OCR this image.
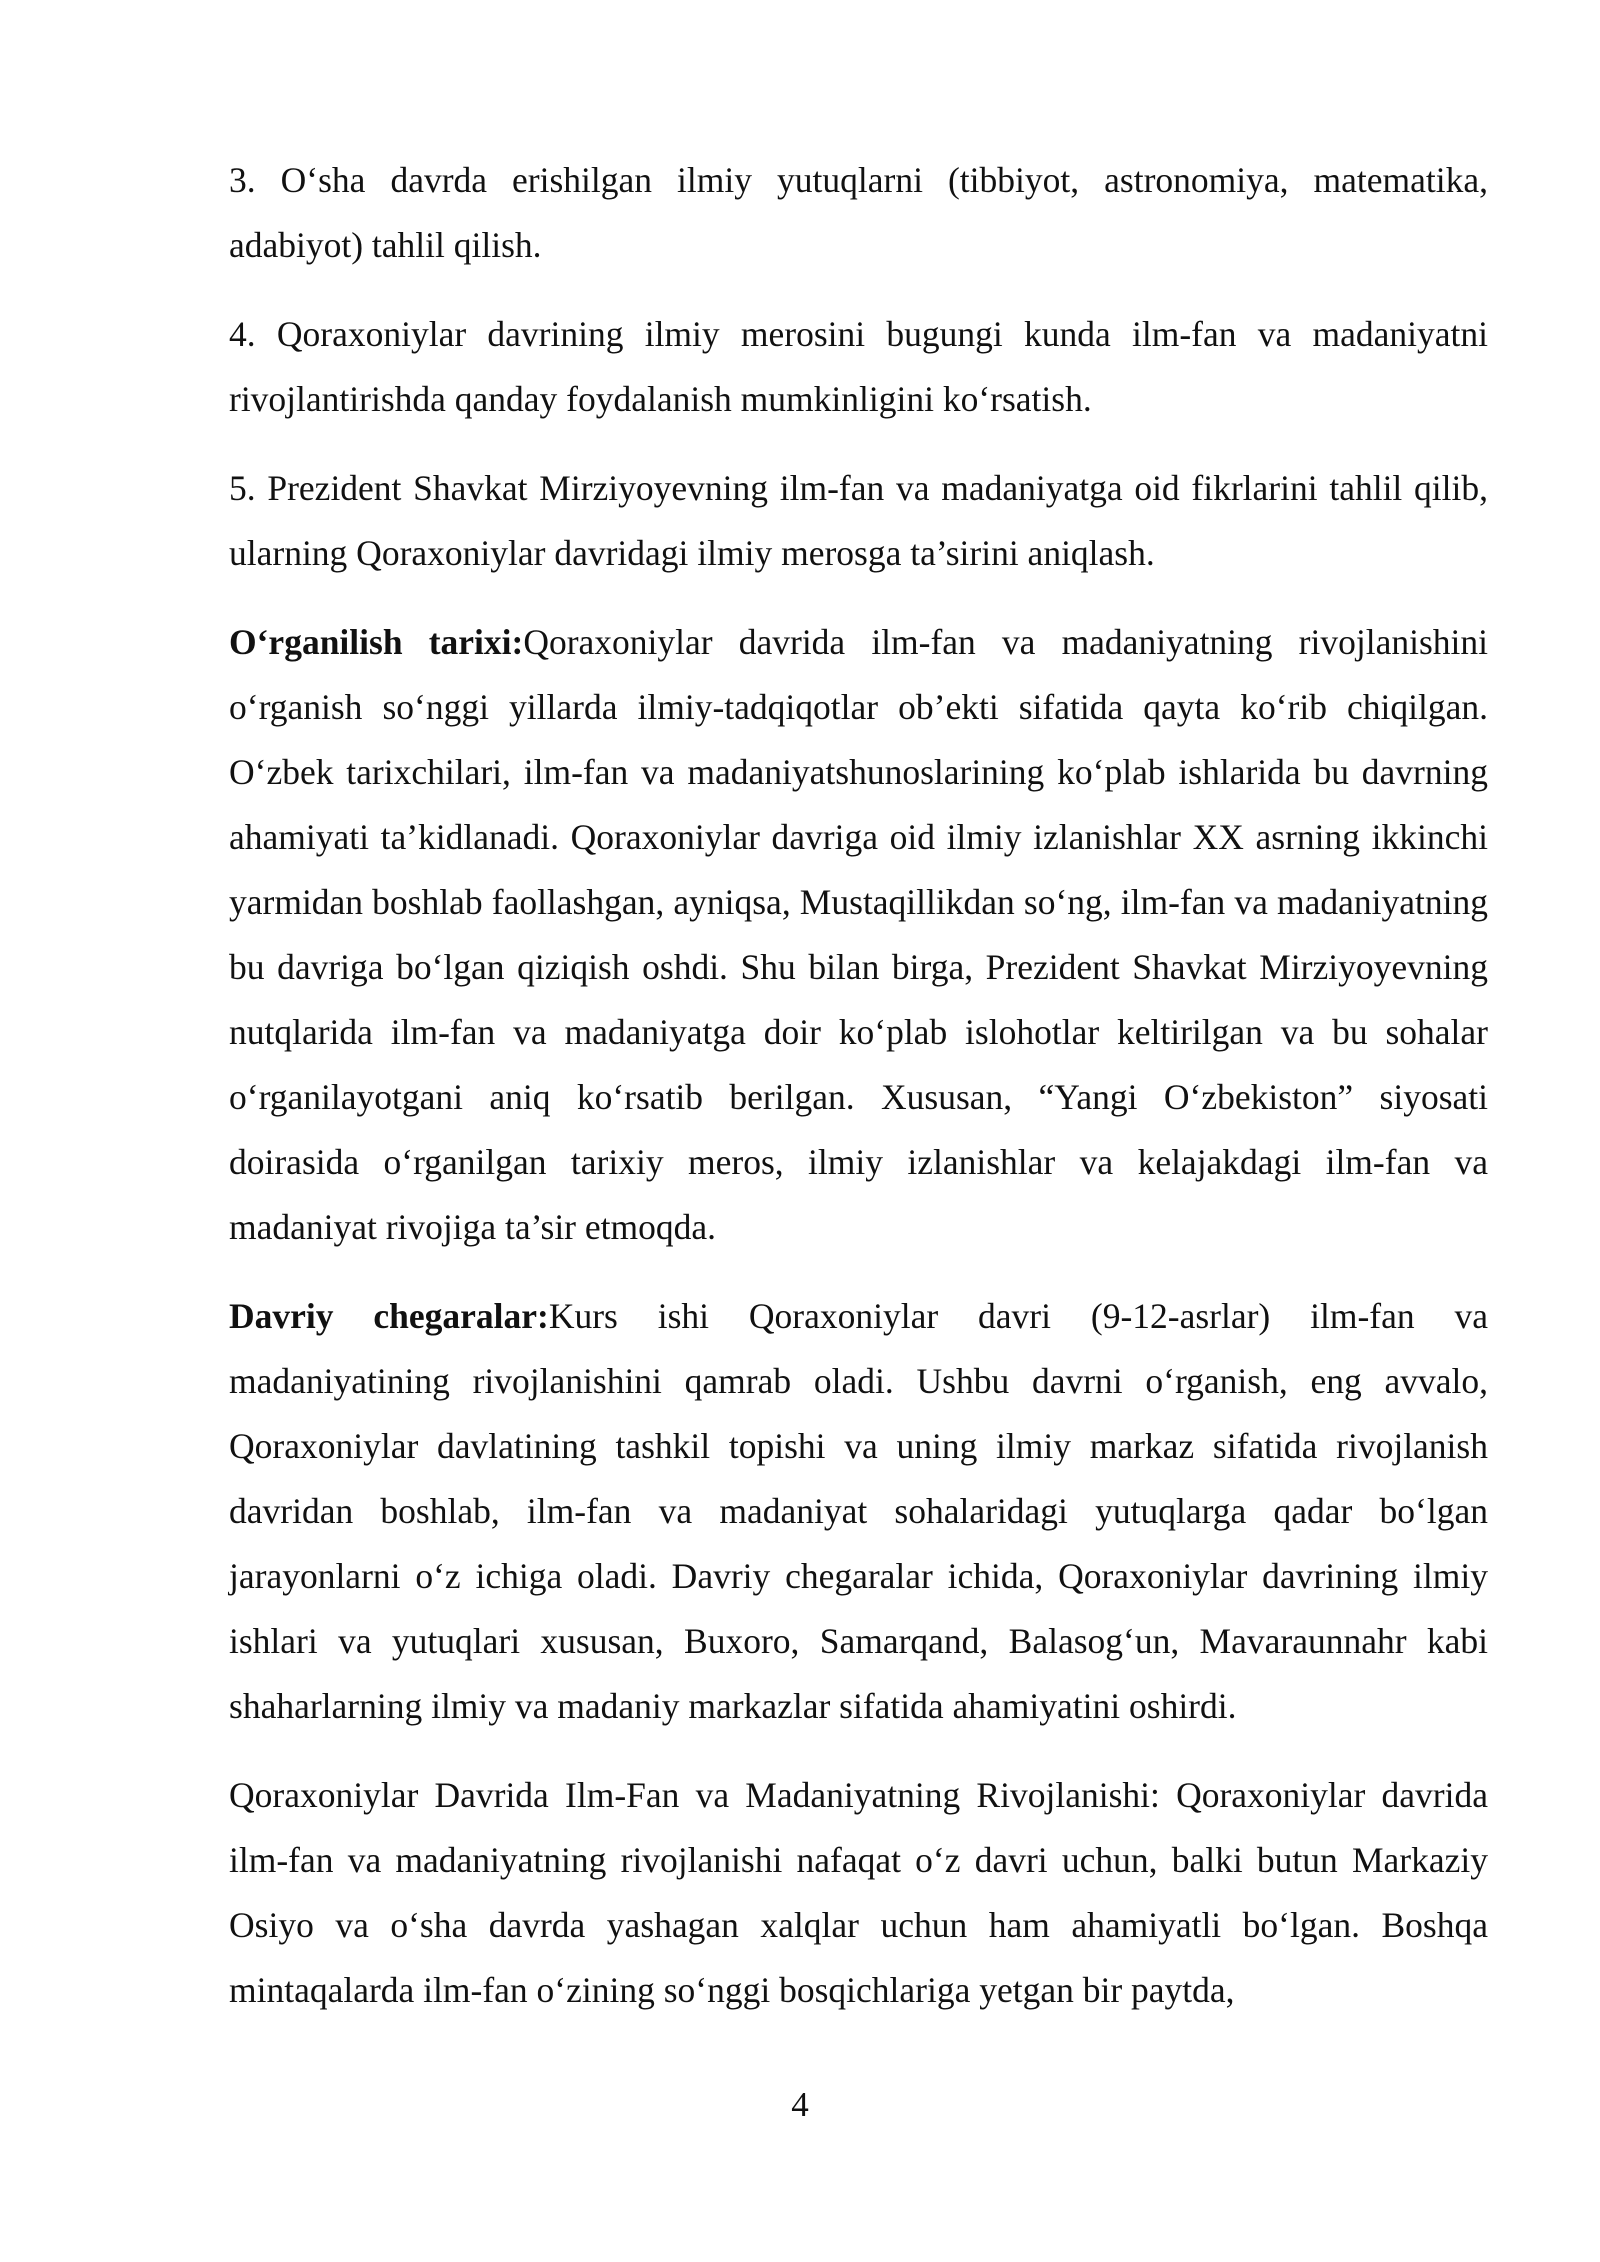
3. O‘sha davrda erishilgan ilmiy yutuqlarni (tibbiyot, astronomiya, matematika, adabiyot) tahlil qilish.

4. Qoraxoniylar davrining ilmiy merosini bugungi kunda ilm-fan va madaniyatni rivojlantirishda qanday foydalanish mumkinligini ko‘rsatish.

5. Prezident Shavkat Mirziyoyevning ilm-fan va madaniyatga oid fikrlarini tahlil qilib, ularning Qoraxoniylar davridagi ilmiy merosga ta’sirini aniqlash.

O‘rganilish tarixi:Qoraxoniylar davrida ilm-fan va madaniyatning rivojlanishini o‘rganish so‘nggi yillarda ilmiy-tadqiqotlar ob’ekti sifatida qayta ko‘rib chiqilgan. O‘zbek tarixchilari, ilm-fan va madaniyatshunoslarining ko‘plab ishlarida bu davrning ahamiyati ta’kidlanadi. Qoraxoniylar davriga oid ilmiy izlanishlar XX asrning ikkinchi yarmidan boshlab faollashgan, ayniqsa, Mustaqillikdan so‘ng, ilm-fan va madaniyatning bu davriga bo‘lgan qiziqish oshdi. Shu bilan birga, Prezident Shavkat Mirziyoyevning nutqlarida ilm-fan va madaniyatga doir ko‘plab islohotlar keltirilgan va bu sohalar o‘rganilayotgani aniq ko‘rsatib berilgan. Xususan, “Yangi O‘zbekiston” siyosati doirasida o‘rganilgan tarixiy meros, ilmiy izlanishlar va kelajakdagi ilm-fan va madaniyat rivojiga ta’sir etmoqda.

Davriy chegaralar:Kurs ishi Qoraxoniylar davri (9-12-asrlar) ilm-fan va madaniyatining rivojlanishini qamrab oladi. Ushbu davrni o‘rganish, eng avvalo, Qoraxoniylar davlatining tashkil topishi va uning ilmiy markaz sifatida rivojlanish davridan boshlab, ilm-fan va madaniyat sohalaridagi yutuqlarga qadar bo‘lgan jarayonlarni o‘z ichiga oladi. Davriy chegaralar ichida, Qoraxoniylar davrining ilmiy ishlari va yutuqlari xususan, Buxoro, Samarqand, Balasog‘un, Mavaraunnahr kabi shaharlarning ilmiy va madaniy markazlar sifatida ahamiyatini oshirdi.

Qoraxoniylar Davrida Ilm-Fan va Madaniyatning Rivojlanishi: Qoraxoniylar davrida ilm-fan va madaniyatning rivojlanishi nafaqat o‘z davri uchun, balki butun Markaziy Osiyo va o‘sha davrda yashagan xalqlar uchun ham ahamiyatli bo‘lgan. Boshqa mintaqalarda ilm-fan o‘zining so‘nggi bosqichlariga yetgan bir paytda,

4
